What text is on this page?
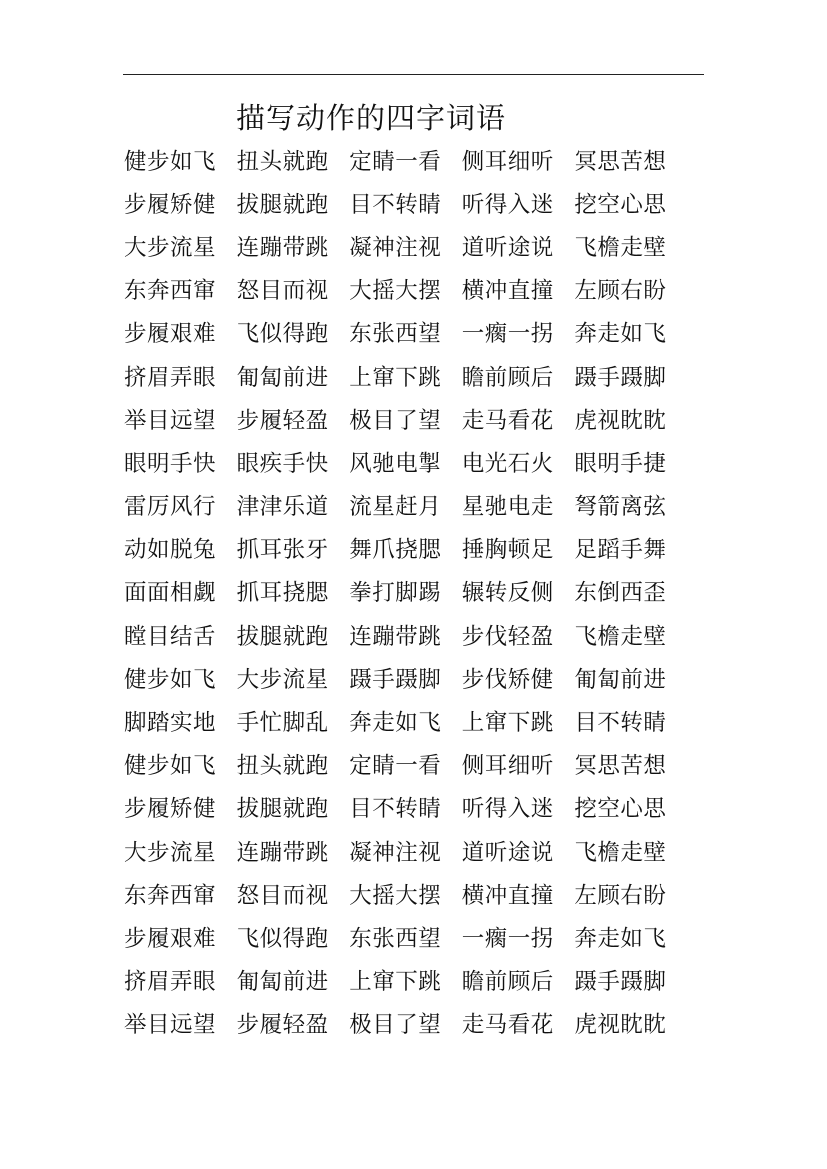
描写动作的四字词语
健步如飞 扭头就跑 定睛一看 侧耳细听 冥思苦想
步履矫健 拔腿就跑 目不转睛 听得入迷 挖空心思
大步流星 连蹦带跳 凝神注视 道听途说 飞檐走壁
东奔西窜 怒目而视 大摇大摆 横冲直撞 左顾右盼
步履艰难 飞似得跑 东张西望 一瘸一拐 奔走如飞
挤眉弄眼 匍匐前进 上窜下跳 瞻前顾后 蹑手蹑脚
举目远望 步履轻盈 极目了望 走马看花 虎视眈眈
眼明手快 眼疾手快 风驰电掣 电光石火 眼明手捷
雷厉风行 津津乐道 流星赶月 星驰电走 弩箭离弦
动如脱兔 抓耳张牙 舞爪挠腮 捶胸顿足 足蹈手舞
面面相觑 抓耳挠腮 拳打脚踢 辗转反侧 东倒西歪
瞠目结舌 拔腿就跑 连蹦带跳 步伐轻盈 飞檐走壁
健步如飞 大步流星 蹑手蹑脚 步伐矫健 匍匐前进
脚踏实地 手忙脚乱 奔走如飞 上窜下跳 目不转睛
健步如飞 扭头就跑 定睛一看 侧耳细听 冥思苦想
步履矫健 拔腿就跑 目不转睛 听得入迷 挖空心思
大步流星 连蹦带跳 凝神注视 道听途说 飞檐走壁
东奔西窜 怒目而视 大摇大摆 横冲直撞 左顾右盼
步履艰难 飞似得跑 东张西望 一瘸一拐 奔走如飞
挤眉弄眼 匍匐前进 上窜下跳 瞻前顾后 蹑手蹑脚
举目远望 步履轻盈 极目了望 走马看花 虎视眈眈
